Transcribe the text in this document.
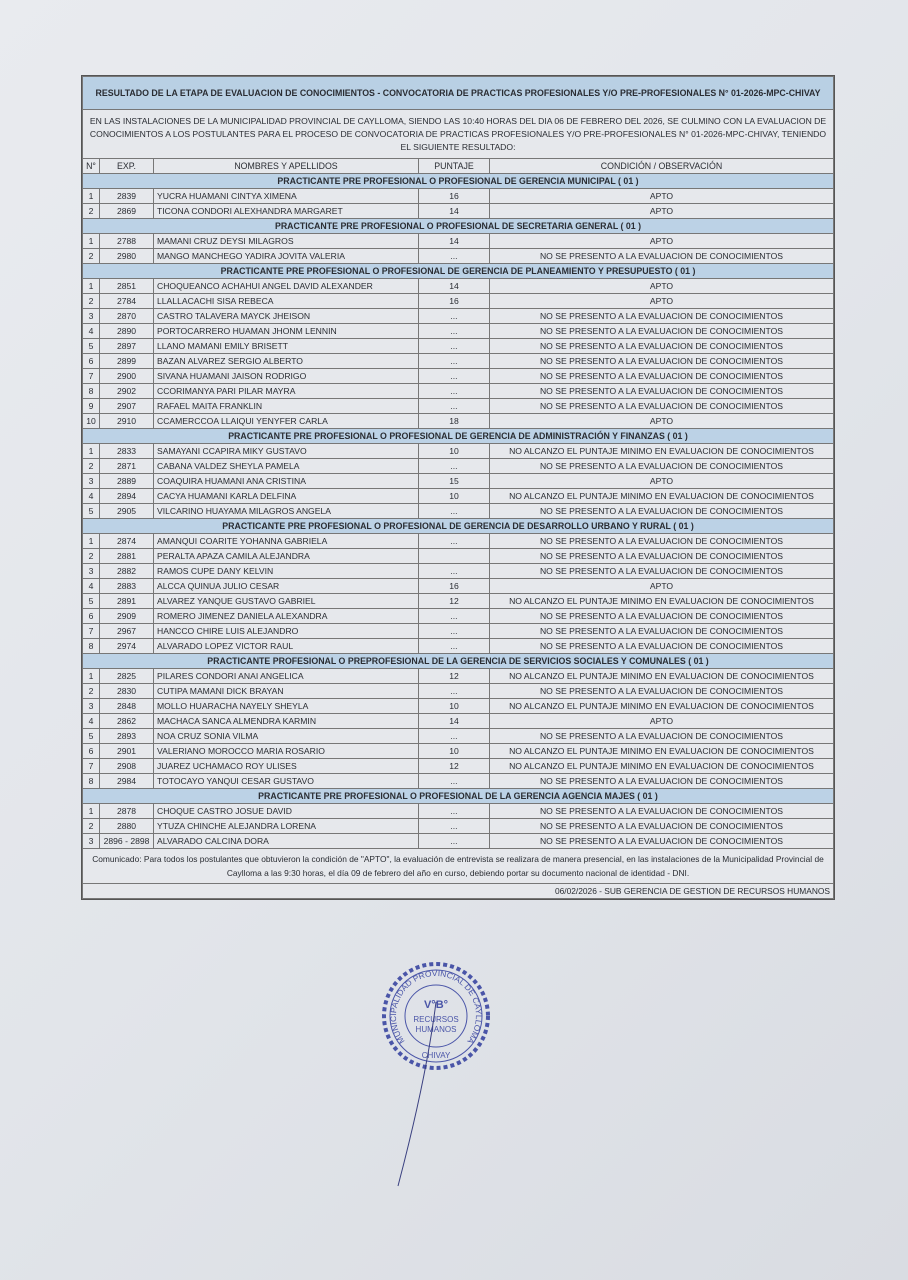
RESULTADO DE LA ETAPA DE EVALUACION DE CONOCIMIENTOS - CONVOCATORIA DE PRACTICAS PROFESIONALES Y/O PRE-PROFESIONALES N° 01-2026-MPC-CHIVAY				
EN LAS INSTALACIONES DE LA MUNICIPALIDAD PROVINCIAL DE CAYLLOMA, SIENDO LAS 10:40 HORAS DEL DIA 06 DE FEBRERO DEL 2026, SE CULMINO CON LA EVALUACION DE CONOCIMIENTOS A LOS POSTULANTES PARA EL PROCESO DE CONVOCATORIA DE PRACTICAS PROFESIONALES Y/O PRE-PROFESIONALES N° 01-2026-MPC-CHIVAY, TENIENDO EL SIGUIENTE RESULTADO:				
N°	EXP.	NOMBRES Y APELLIDOS	PUNTAJE	CONDICIÓN / OBSERVACIÓN
PRACTICANTE PRE PROFESIONAL O PROFESIONAL DE GERENCIA MUNICIPAL ( 01 )				
1	2839	YUCRA HUAMANI CINTYA XIMENA	16	APTO
2	2869	TICONA CONDORI ALEXHANDRA MARGARET	14	APTO
PRACTICANTE PRE PROFESIONAL O PROFESIONAL DE SECRETARIA GENERAL ( 01 )				
1	2788	MAMANI CRUZ DEYSI MILAGROS	14	APTO
2	2980	MANGO MANCHEGO YADIRA JOVITA VALERIA	...	NO SE PRESENTO A LA EVALUACION DE CONOCIMIENTOS
PRACTICANTE PRE PROFESIONAL O PROFESIONAL DE GERENCIA DE PLANEAMIENTO Y PRESUPUESTO ( 01 )				
1	2851	CHOQUEANCO ACHAHUI ANGEL DAVID ALEXANDER	14	APTO
2	2784	LLALLACACHI SISA REBECA	16	APTO
3	2870	CASTRO TALAVERA MAYCK JHEISON	...	NO SE PRESENTO A LA EVALUACION DE CONOCIMIENTOS
4	2890	PORTOCARRERO HUAMAN JHONM LENNIN	...	NO SE PRESENTO A LA EVALUACION DE CONOCIMIENTOS
5	2897	LLANO MAMANI EMILY BRISETT	...	NO SE PRESENTO A LA EVALUACION DE CONOCIMIENTOS
6	2899	BAZAN ALVAREZ SERGIO ALBERTO	...	NO SE PRESENTO A LA EVALUACION DE CONOCIMIENTOS
7	2900	SIVANA HUAMANI JAISON RODRIGO	...	NO SE PRESENTO A LA EVALUACION DE CONOCIMIENTOS
8	2902	CCORIMANYA PARI PILAR MAYRA	...	NO SE PRESENTO A LA EVALUACION DE CONOCIMIENTOS
9	2907	RAFAEL MAITA FRANKLIN	...	NO SE PRESENTO A LA EVALUACION DE CONOCIMIENTOS
10	2910	CCAMERCCOA LLAIQUI YENYFER CARLA	18	APTO
PRACTICANTE PRE PROFESIONAL O PROFESIONAL DE GERENCIA DE ADMINISTRACIÓN Y FINANZAS ( 01 )				
1	2833	SAMAYANI CCAPIRA MIKY GUSTAVO	10	NO ALCANZO EL PUNTAJE MINIMO EN EVALUACION DE CONOCIMIENTOS
2	2871	CABANA VALDEZ SHEYLA PAMELA	...	NO SE PRESENTO A LA EVALUACION DE CONOCIMIENTOS
3	2889	COAQUIRA HUAMANI ANA CRISTINA	15	APTO
4	2894	CACYA HUAMANI KARLA DELFINA	10	NO ALCANZO EL PUNTAJE MINIMO EN EVALUACION DE CONOCIMIENTOS
5	2905	VILCARINO HUAYAMA MILAGROS ANGELA	...	NO SE PRESENTO A LA EVALUACION DE CONOCIMIENTOS
PRACTICANTE PRE PROFESIONAL O PROFESIONAL DE GERENCIA DE DESARROLLO URBANO Y RURAL ( 01 )				
1	2874	AMANQUI COARITE YOHANNA GABRIELA	...	NO SE PRESENTO A LA EVALUACION DE CONOCIMIENTOS
2	2881	PERALTA APAZA CAMILA ALEJANDRA		NO SE PRESENTO A LA EVALUACION DE CONOCIMIENTOS
3	2882	RAMOS CUPE DANY KELVIN	...	NO SE PRESENTO A LA EVALUACION DE CONOCIMIENTOS
4	2883	ALCCA QUINUA JULIO CESAR	16	APTO
5	2891	ALVAREZ YANQUE GUSTAVO GABRIEL	12	NO ALCANZO EL PUNTAJE MINIMO EN EVALUACION DE CONOCIMIENTOS
6	2909	ROMERO JIMENEZ DANIELA ALEXANDRA	...	NO SE PRESENTO A LA EVALUACION DE CONOCIMIENTOS
7	2967	HANCCO CHIRE LUIS ALEJANDRO	...	NO SE PRESENTO A LA EVALUACION DE CONOCIMIENTOS
8	2974	ALVARADO LOPEZ VICTOR RAUL	...	NO SE PRESENTO A LA EVALUACION DE CONOCIMIENTOS
PRACTICANTE PROFESIONAL O PREPROFESIONAL DE LA GERENCIA DE SERVICIOS SOCIALES Y COMUNALES ( 01 )				
1	2825	PILARES CONDORI ANAI ANGELICA	12	NO ALCANZO EL PUNTAJE MINIMO EN EVALUACION DE CONOCIMIENTOS
2	2830	CUTIPA MAMANI DICK BRAYAN	...	NO SE PRESENTO A LA EVALUACION DE CONOCIMIENTOS
3	2848	MOLLO HUARACHA NAYELY SHEYLA	10	NO ALCANZO EL PUNTAJE MINIMO EN EVALUACION DE CONOCIMIENTOS
4	2862	MACHACA SANCA ALMENDRA KARMIN	14	APTO
5	2893	NOA CRUZ SONIA VILMA	...	NO SE PRESENTO A LA EVALUACION DE CONOCIMIENTOS
6	2901	VALERIANO MOROCCO MARIA ROSARIO	10	NO ALCANZO EL PUNTAJE MINIMO EN EVALUACION DE CONOCIMIENTOS
7	2908	JUAREZ UCHAMACO ROY ULISES	12	NO ALCANZO EL PUNTAJE MINIMO EN EVALUACION DE CONOCIMIENTOS
8	2984	TOTOCAYO YANQUI CESAR GUSTAVO	...	NO SE PRESENTO A LA EVALUACION DE CONOCIMIENTOS
PRACTICANTE PRE PROFESIONAL O PROFESIONAL DE LA GERENCIA AGENCIA MAJES ( 01 )				
1	2878	CHOQUE CASTRO JOSUE DAVID	...	NO SE PRESENTO A LA EVALUACION DE CONOCIMIENTOS
2	2880	YTUZA CHINCHE ALEJANDRA LORENA	...	NO SE PRESENTO A LA EVALUACION DE CONOCIMIENTOS
3	2896 - 2898	ALVARADO CALCINA DORA	...	NO SE PRESENTO A LA EVALUACION DE CONOCIMIENTOS
Comunicado: Para todos los postulantes que obtuvieron la condición de "APTO", la evaluación de entrevista se realizara de manera presencial, en las instalaciones de la Municipalidad Provincial de Caylloma a las 9:30 horas, el día 09 de febrero del año en curso, debiendo portar su documento nacional de identidad - DNI.				
06/02/2026 - SUB GERENCIA DE GESTION DE RECURSOS HUMANOS				
MUNICIPALIDAD PROVINCIAL DE CAYLLOMA
CHIVAY
V°B°
RECURSOS
HUMANOS
